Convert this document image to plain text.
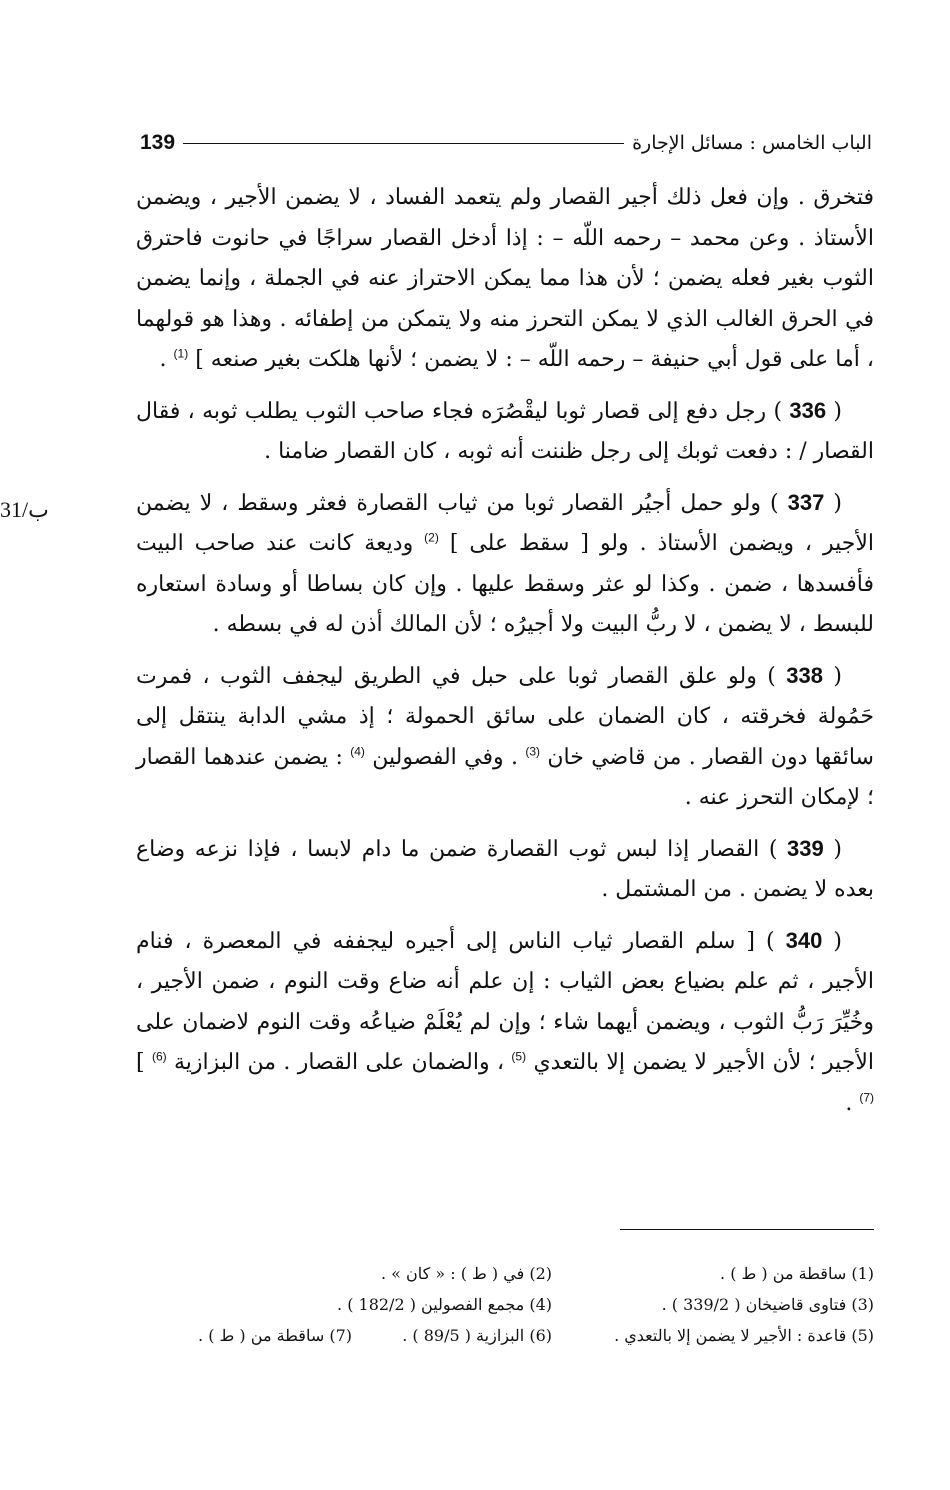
الباب الخامس : مسائل الإجارة
139
31/ب

فتخرق . وإن فعل ذلك أجير القصار ولم يتعمد الفساد ، لا يضمن الأجير ، ويضمن الأستاذ . وعن محمد – رحمه اللّه – : إذا أدخل القصار سراجًا في حانوت فاحترق الثوب بغير فعله يضمن ؛ لأن هذا مما يمكن الاحتراز عنه في الجملة ، وإنما يضمن في الحرق الغالب الذي لا يمكن التحرز منه ولا يتمكن من إطفائه . وهذا هو قولهما ، أما على قول أبي حنيفة – رحمه اللّه – : لا يضمن ؛ لأنها هلكت بغير صنعه ] $^{(1)}$ .

( 336 ) رجل دفع إلى قصار ثوبا ليقْصُرَه فجاء صاحب الثوب يطلب ثوبه ، فقال القصار / : دفعت ثوبك إلى رجل ظننت أنه ثوبه ، كان القصار ضامنا .

( 337 ) ولو حمل أجيُر القصار ثوبا من ثياب القصارة فعثر وسقط ، لا يضمن الأجير ، ويضمن الأستاذ . ولو [ سقط على ] $^{(2)}$ وديعة كانت عند صاحب البيت فأفسدها ، ضمن . وكذا لو عثر وسقط عليها . وإن كان بساطا أو وسادة استعاره للبسط ، لا يضمن ، لا ربُّ البيت ولا أجيرُه ؛ لأن المالك أذن له في بسطه .

( 338 ) ولو علق القصار ثوبا على حبل في الطريق ليجفف الثوب ، فمرت حَمُولة فخرقته ، كان الضمان على سائق الحمولة ؛ إذ مشي الدابة ينتقل إلى سائقها دون القصار . من قاضي خان $^{(3)}$ . وفي الفصولين $^{(4)}$ : يضمن عندهما القصار ؛ لإمكان التحرز عنه .

( 339 ) القصار إذا لبس ثوب القصارة ضمن ما دام لابسا ، فإذا نزعه وضاع بعده لا يضمن . من المشتمل .

( 340 ) [ سلم القصار ثياب الناس إلى أجيره ليجففه في المعصرة ، فنام الأجير ، ثم علم بضياع بعض الثياب : إن علم أنه ضاع وقت النوم ، ضمن الأجير ، وخُيِّرَ رَبُّ الثوب ، ويضمن أيهما شاء ؛ وإن لم يُعْلَمْ ضياعُه وقت النوم لاضمان على الأجير ؛ لأن الأجير لا يضمن إلا بالتعدي $^{(5)}$ ، والضمان على القصار . من البزازية $^{(6)}$ ] $^{(7)}$ .

(1) ساقطة من ( ط ) .
(2) في ( ط ) : « كان » .
(3) فتاوى قاضيخان ( 339/2 ) .
(4) مجمع الفصولين ( 182/2 ) .
(5) قاعدة : الأجير لا يضمن إلا بالتعدي .
(6) البزازية ( 89/5 ) .
(7) ساقطة من ( ط ) .
